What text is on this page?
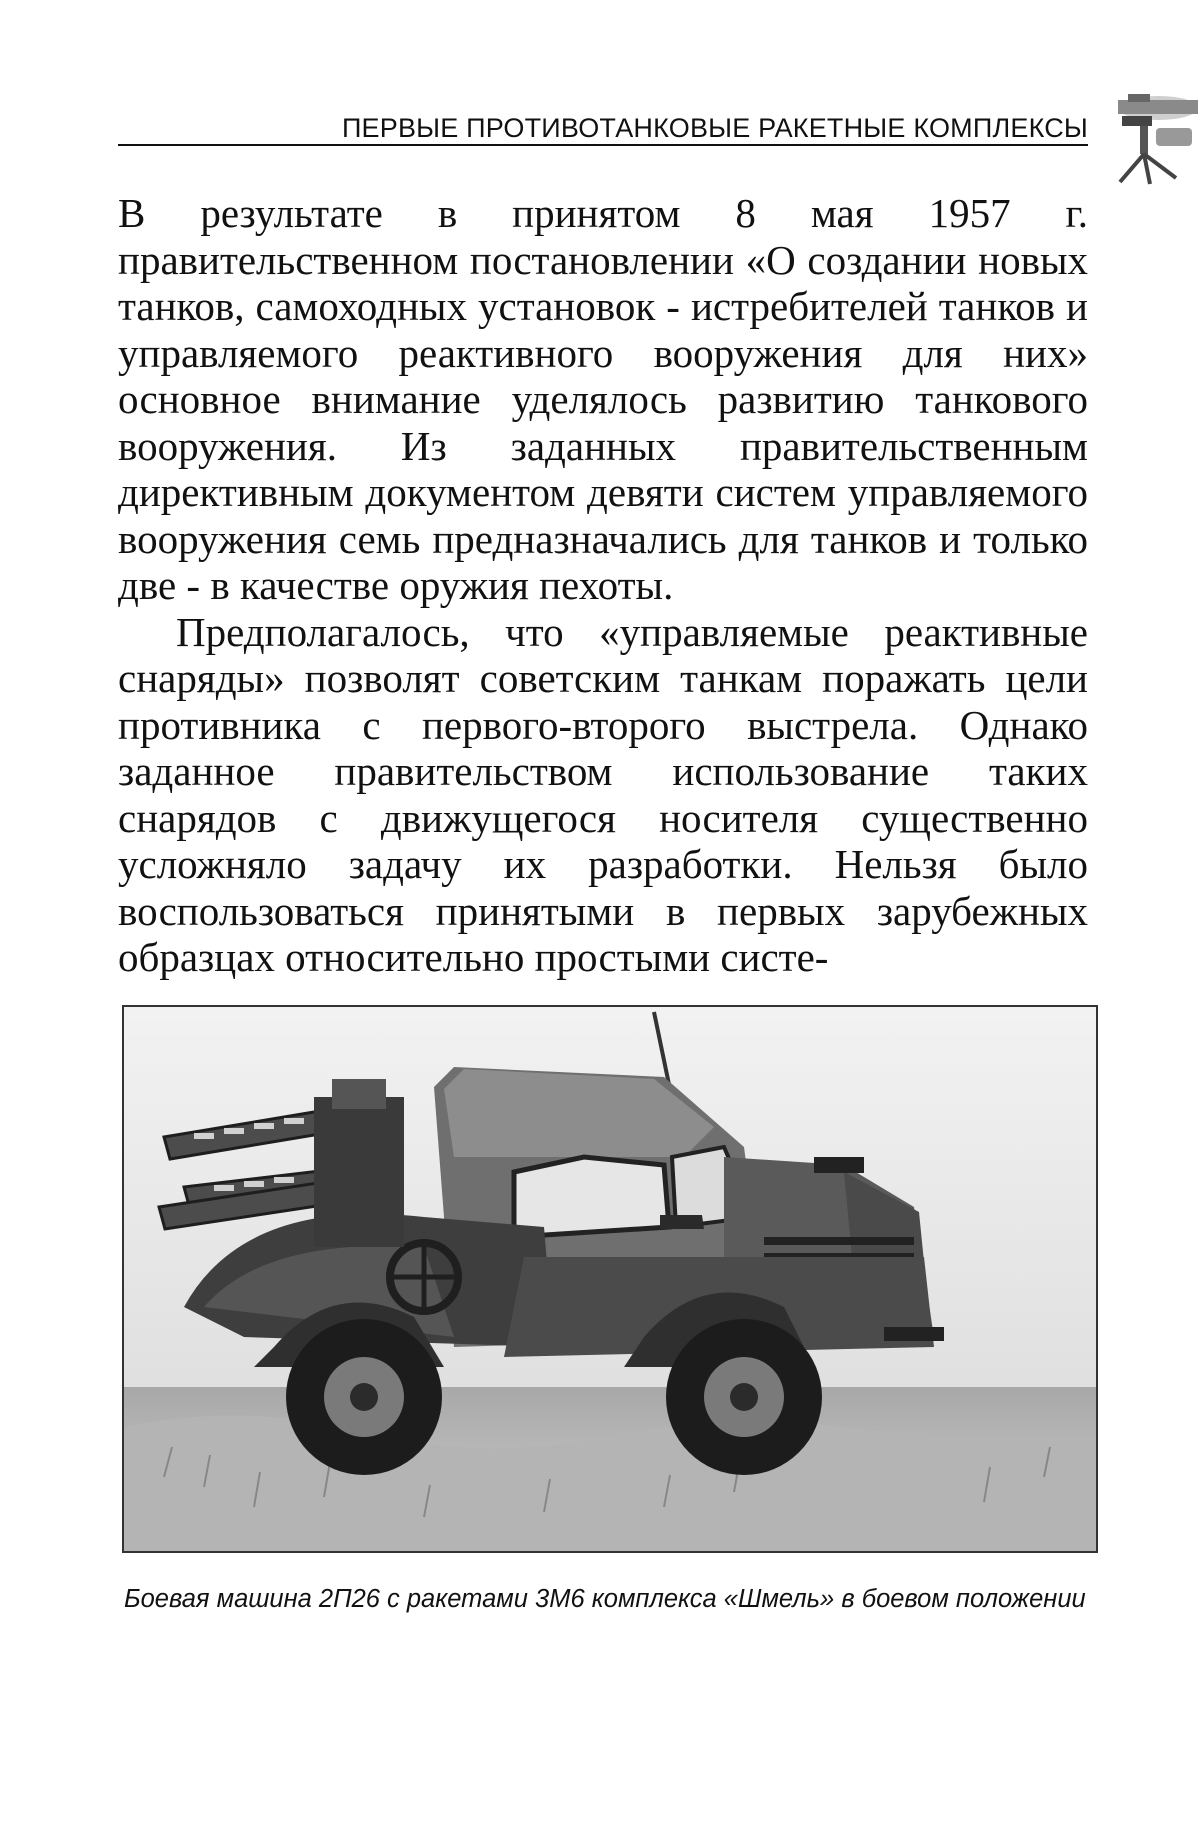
ПЕРВЫЕ ПРОТИВОТАНКОВЫЕ РАКЕТНЫЕ КОМПЛЕКСЫ

В результате в принятом 8 мая 1957 г. правительственном постановлении «О создании новых танков, самоходных установок - истребителей танков и управляемого реактивного вооружения для них» основное внимание уделялось развитию танкового вооружения. Из заданных правительственным директивным документом девяти систем управляемого вооружения семь предназначались для танков и только две - в качестве оружия пехоты.

Предполагалось, что «управляемые реактивные снаряды» позволят советским танкам поражать цели противника с первого-второго выстрела. Однако заданное правительством использование таких снарядов с движущегося носителя существенно усложняло задачу их разработки. Нельзя было воспользоваться принятыми в первых зарубежных образцах относительно простыми систе-

Боевая машина 2П26 с ракетами 3М6 комплекса «Шмель» в боевом положении
